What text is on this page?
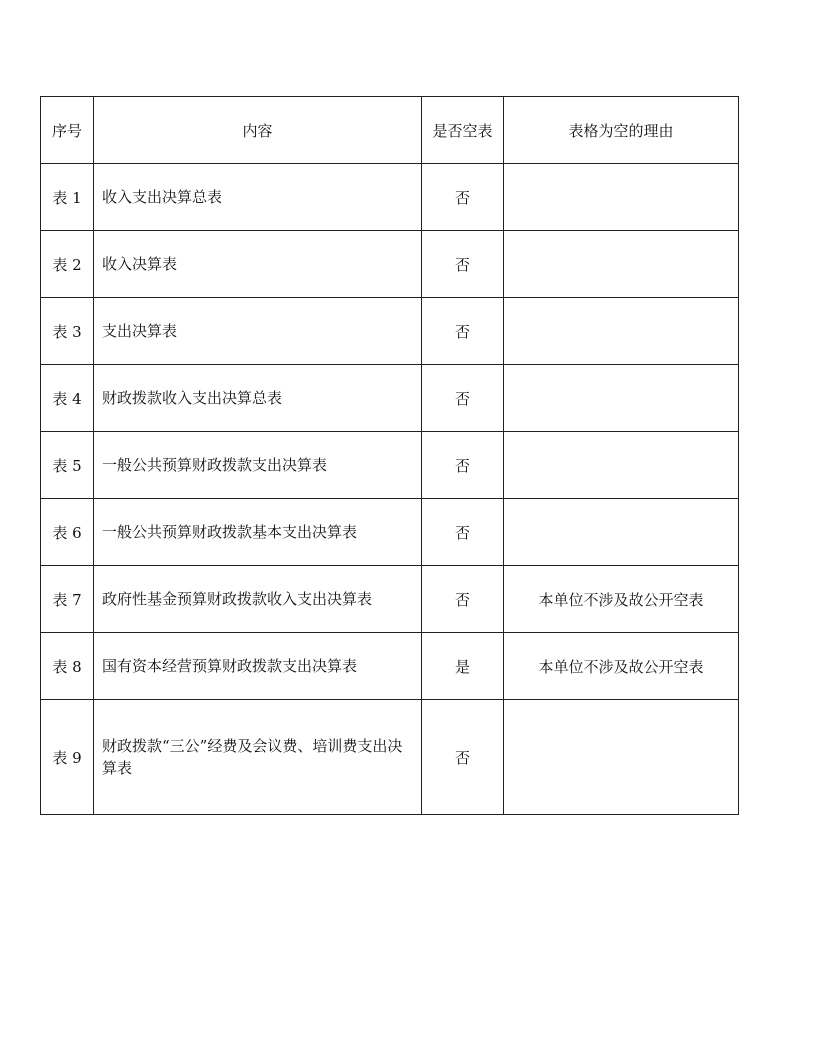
序号	内容	是否空表	表格为空的理由
表 1	收入支出决算总表	否	
表 2	收入决算表	否	
表 3	支出决算表	否	
表 4	财政拨款收入支出决算总表	否	
表 5	一般公共预算财政拨款支出决算表	否	
表 6	一般公共预算财政拨款基本支出决算表	否	
表 7	政府性基金预算财政拨款收入支出决算表	否	本单位不涉及故公开空表
表 8	国有资本经营预算财政拨款支出决算表	是	本单位不涉及故公开空表
表 9	财政拨款“三公”经费及会议费、培训费支出决算表	否	
